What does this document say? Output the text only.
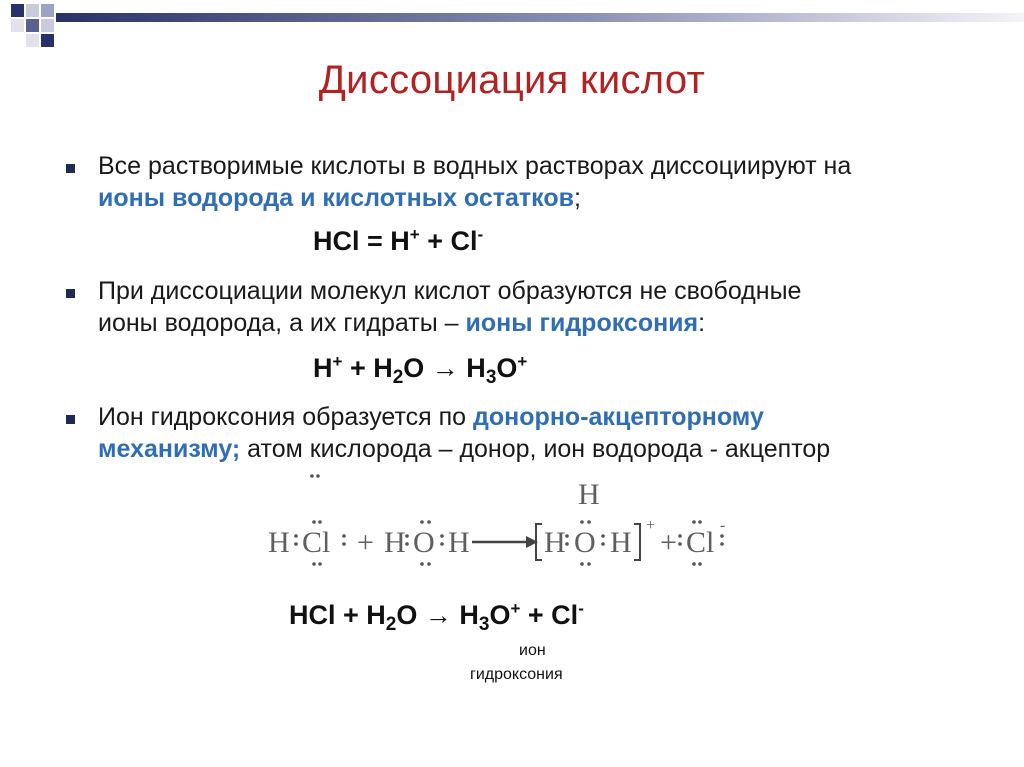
Диссоциация кислот
Все растворимые кислоты в водных растворах диссоциируют на
ионы водорода и кислотных остатков;
HCl = H+ + Cl-
При диссоциации молекул кислот образуются не свободные
ионы водорода, а их гидраты – ионы гидроксония:
$H^+ + H_2O \to H_3O^+$
Ион гидроксония образуется по донорно-акцепторному
механизму; атом кислорода – донор, ион водорода - акцептор
H Cl + H O H
H
H O H
+
+ Cl
-
HCl + $H_2O \to H_3O^+ + Cl^-$
ион
гидроксония
